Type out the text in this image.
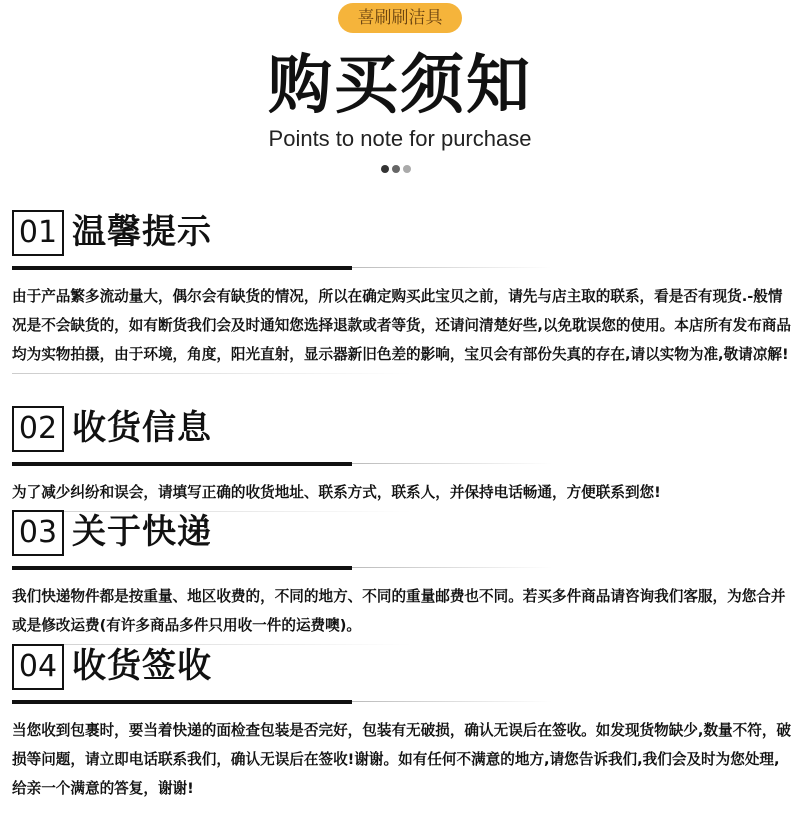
喜刷刷洁具
购买须知
Points to note for purchase
01 温馨提示
由于产品繁多流动量大，偶尔会有缺货的情况，所以在确定购买此宝贝之前，请先与店主取的联系，看是否有现货.-般情况是不会缺货的，如有断货我们会及时通知您选择退款或者等货，还请问清楚好些,以免耽误您的使用。本店所有发布商品均为实物拍摄，由于环境，角度，阳光直射，显示器新旧色差的影响，宝贝会有部份失真的存在,请以实物为准,敬请凉解!
02 收货信息
为了减少纠纷和误会，请填写正确的收货地址、联系方式，联系人，并保持电话畅通，方便联系到您!
03 关于快递
我们快递物件都是按重量、地区收费的，不同的地方、不同的重量邮费也不同。若买多件商品请咨询我们客服，为您合并或是修改运费(有许多商品多件只用收一件的运费噢)。
04 收货签收
当您收到包裹时，要当着快递的面检查包装是否完好，包装有无破损，确认无误后在签收。如发现货物缺少,数量不符，破损等问题，请立即电话联系我们，确认无误后在签收!谢谢。如有任何不满意的地方,请您告诉我们,我们会及时为您处理,给亲一个满意的答复，谢谢!
